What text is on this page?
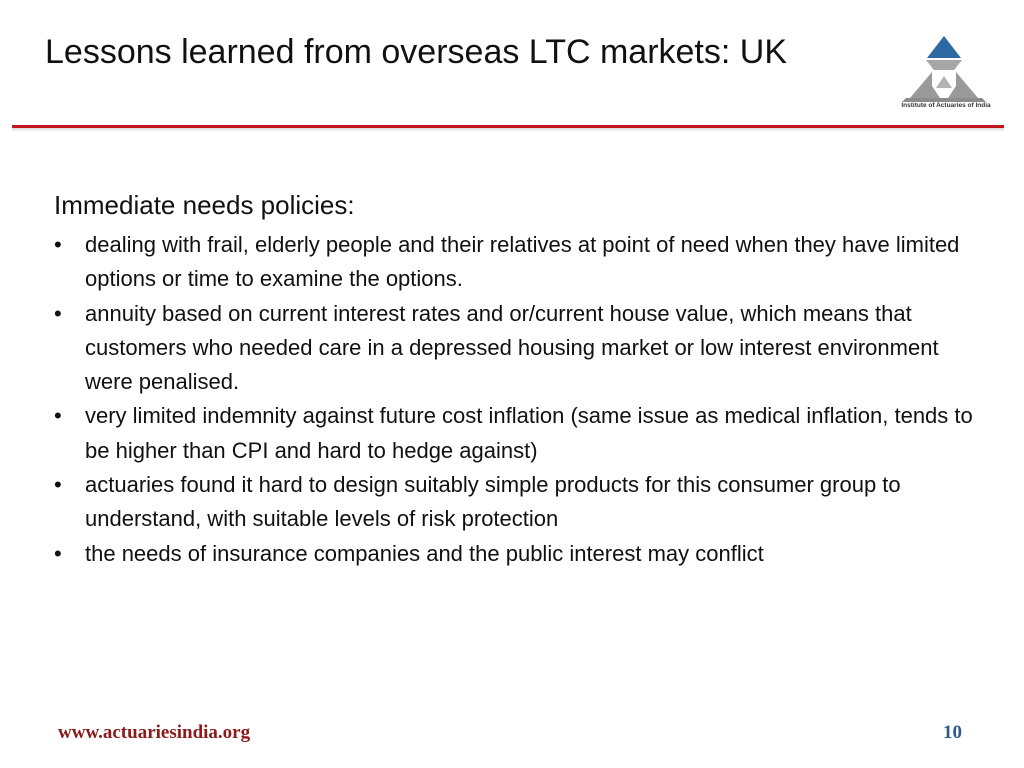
Lessons learned from overseas LTC markets: UK
Institute of Actuaries of India
Immediate needs policies:
•	dealing with frail, elderly people and their relatives at point of need when they have limited options or time to examine the options.
•	annuity based on current interest rates and or/current house value, which means that customers who needed care in a depressed housing market or low interest environment were penalised.
•	very limited indemnity against future cost inflation (same issue as medical inflation, tends to be higher than CPI and hard to hedge against)
•	actuaries found it hard to design suitably simple products for this consumer group to understand, with suitable levels of risk protection
•	the needs of insurance companies and the public interest may conflict
www.actuariesindia.org	10
